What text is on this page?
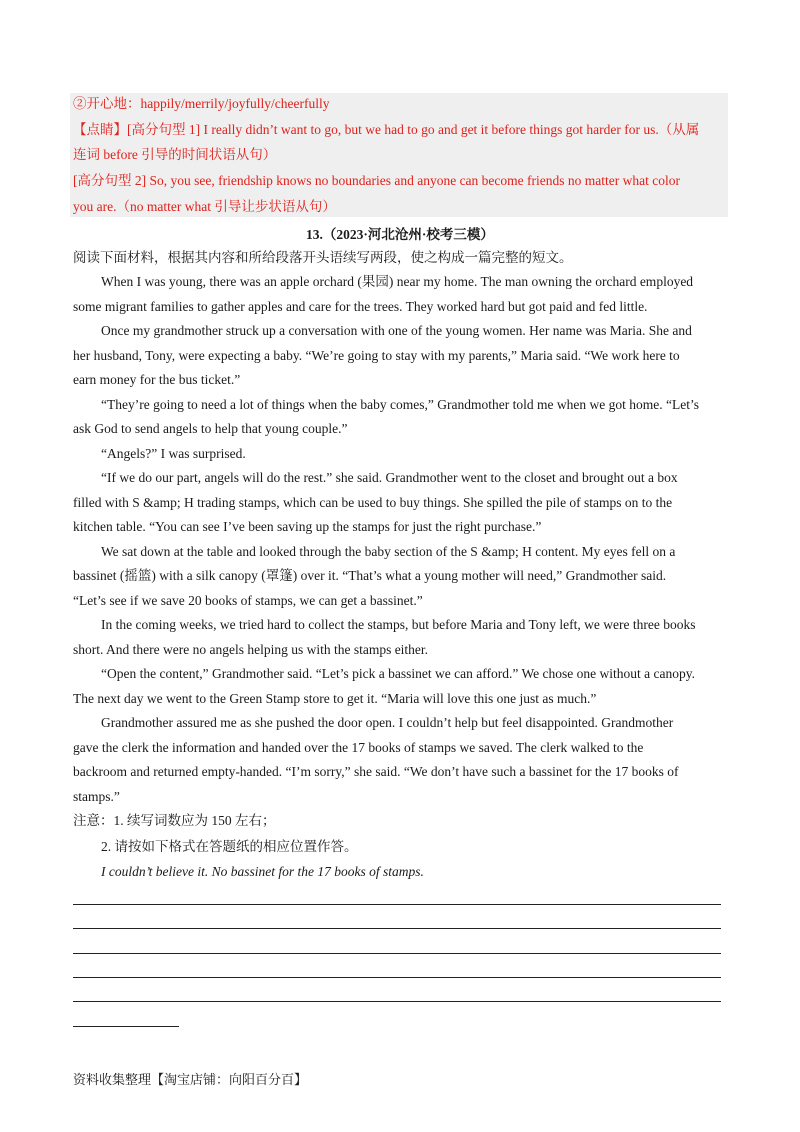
②开心地：happily/merrily/joyfully/cheerfully
【点睛】[高分句型 1] I really didn’t want to go, but we had to go and get it before things got harder for us.（从属
连词 before 引导的时间状语从句）
[高分句型 2] So, you see, friendship knows no boundaries and anyone can become friends no matter what color
you are.（no matter what 引导让步状语从句）
13.（2023·河北沧州·校考三模）
阅读下面材料，根据其内容和所给段落开头语续写两段，使之构成一篇完整的短文。
When I was young, there was an apple orchard (果园) near my home. The man owning the orchard employed
some migrant families to gather apples and care for the trees. They worked hard but got paid and fed little.
Once my grandmother struck up a conversation with one of the young women. Her name was Maria. She and
her husband, Tony, were expecting a baby. “We’re going to stay with my parents,” Maria said. “We work here to
earn money for the bus ticket.”
“They’re going to need a lot of things when the baby comes,” Grandmother told me when we got home. “Let’s
ask God to send angels to help that young couple.”
“Angels?” I was surprised.
“If we do our part, angels will do the rest.” she said. Grandmother went to the closet and brought out a box
filled with S &amp; H trading stamps, which can be used to buy things. She spilled the pile of stamps on to the
kitchen table. “You can see I’ve been saving up the stamps for just the right purchase.”
We sat down at the table and looked through the baby section of the S &amp; H content. My eyes fell on a
bassinet (摇篮) with a silk canopy (罩篷) over it. “That’s what a young mother will need,” Grandmother said.
“Let’s see if we save 20 books of stamps, we can get a bassinet.”
In the coming weeks, we tried hard to collect the stamps, but before Maria and Tony left, we were three books
short. And there were no angels helping us with the stamps either.
“Open the content,” Grandmother said. “Let’s pick a bassinet we can afford.” We chose one without a canopy.
The next day we went to the Green Stamp store to get it. “Maria will love this one just as much.”
Grandmother assured me as she pushed the door open. I couldn’t help but feel disappointed. Grandmother
gave the clerk the information and handed over the 17 books of stamps we saved. The clerk walked to the
backroom and returned empty-handed. “I’m sorry,” she said. “We don’t have such a bassinet for the 17 books of
stamps.”
注意：1. 续写词数应为 150 左右；
2. 请按如下格式在答题纸的相应位置作答。
I couldn’t believe it. No bassinet for the 17 books of stamps.
资料收集整理【淘宝店铺：向阳百分百】
